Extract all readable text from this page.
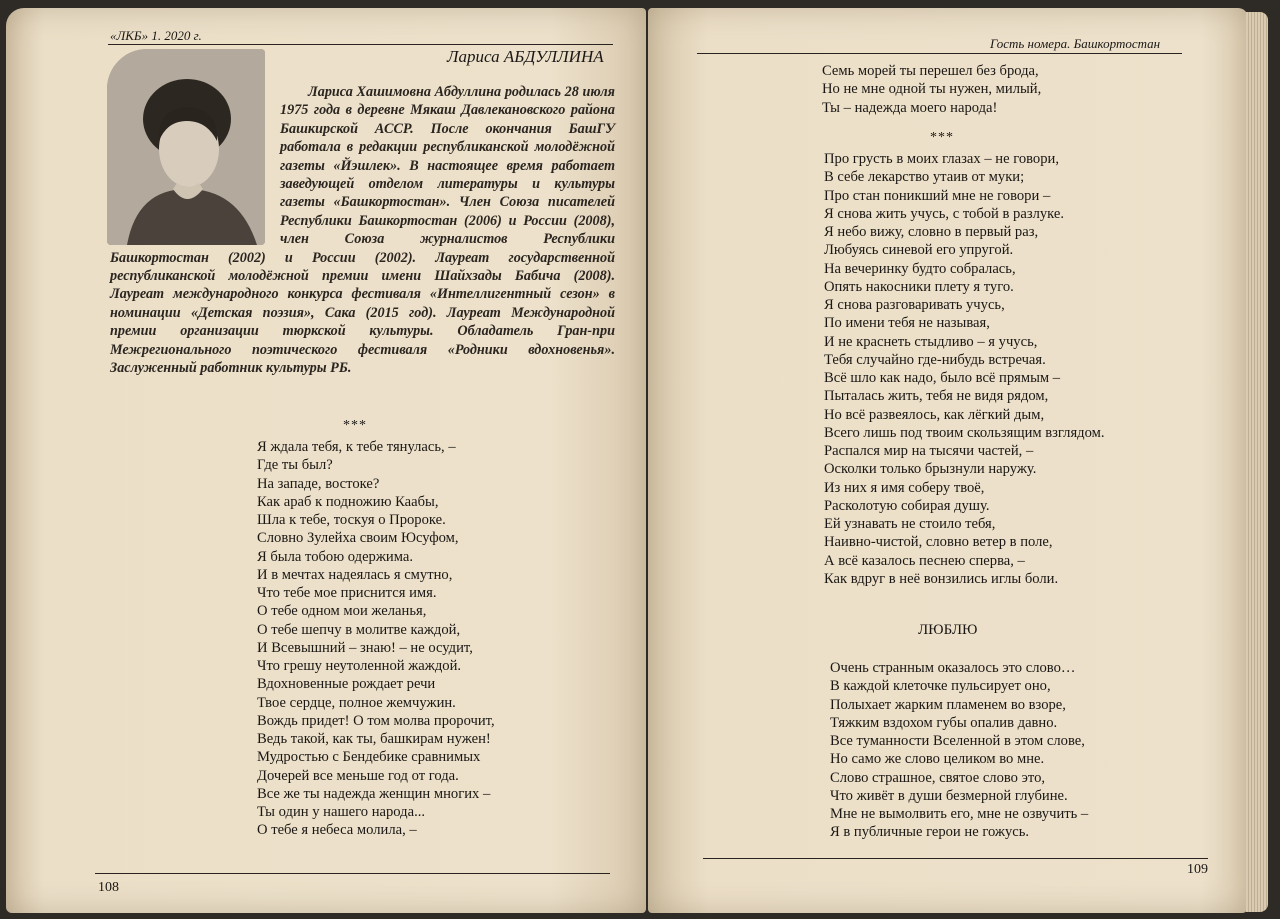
«ЛКБ» 1. 2020 г.
Лариса АБДУЛЛИНА

Лариса Хашимовна Абдуллина родилась 28 июля 1975 года в деревне Мякаш Давлекановского района Башкирской АССР. После окончания БашГУ работала в редакции республиканской молодёжной газеты «Йэшлек». В настоящее время работает заведующей отделом литературы и культуры газеты «Башкортостан». Член Союза писателей Республики Башкортостан (2006) и России (2008), член Союза журналистов Республики Башкортостан (2002) и России (2002). Лауреат государственной республиканской молодёжной премии имени Шайхзады Бабича (2008). Лауреат международного конкурса фестиваля «Интеллигентный сезон» в номинации «Детская поэзия», Сака (2015 год). Лауреат Международной премии организации тюркской культуры. Обладатель Гран-при Межрегионального поэтического фестиваля «Родники вдохновенья». Заслуженный работник культуры РБ.

***
Я ждала тебя, к тебе тянулась, –
Где ты был?
На западе, востоке?
Как араб к подножию Каабы,
Шла к тебе, тоскуя о Пророке.
Словно Зулейха своим Юсуфом,
Я была тобою одержима.
И в мечтах надеялась я смутно,
Что тебе мое приснится имя.
О тебе одном мои желанья,
О тебе шепчу в молитве каждой,
И Всевышний – знаю! – не осудит,
Что грешу неутоленной жаждой.
Вдохновенные рождает речи
Твое сердце, полное жемчужин.
Вождь придет! О том молва пророчит,
Ведь такой, как ты, башкирам нужен!
Мудростью с Бендебике сравнимых
Дочерей все меньше год от года.
Все же ты надежда женщин многих –
Ты один у нашего народа...
О тебе я небеса молила, –
108
Гость номера. Башкортостан
Семь морей ты перешел без брода,
Но не мне одной ты нужен, милый,
Ты – надежда моего народа!
***
Про грусть в моих глазах – не говори,
В себе лекарство утаив от муки;
Про стан поникший мне не говори –
Я снова жить учусь, с тобой в разлуке.
Я небо вижу, словно в первый раз,
Любуясь синевой его упругой.
На вечеринку будто собралась,
Опять накосники плету я туго.
Я снова разговаривать учусь,
По имени тебя не называя,
И не краснеть стыдливо – я учусь,
Тебя случайно где-нибудь встречая.
Всё шло как надо, было всё прямым –
Пыталась жить, тебя не видя рядом,
Но всё развеялось, как лёгкий дым,
Всего лишь под твоим скользящим взглядом.
Распался мир на тысячи частей, –
Осколки только брызнули наружу.
Из них я имя соберу твоё,
Расколотую собирая душу.
Ей узнавать не стоило тебя,
Наивно-чистой, словно ветер в поле,
А всё казалось песнею сперва, –
Как вдруг в неё вонзились иглы боли.
ЛЮБЛЮ
Очень странным оказалось это слово…
В каждой клеточке пульсирует оно,
Полыхает жарким пламенем во взоре,
Тяжким вздохом губы опалив давно.
Все туманности Вселенной в этом слове,
Но само же слово целиком во мне.
Слово страшное, святое слово это,
Что живёт в души безмерной глубине.
Мне не вымолвить его, мне не озвучить –
Я в публичные герои не гожусь.
109
